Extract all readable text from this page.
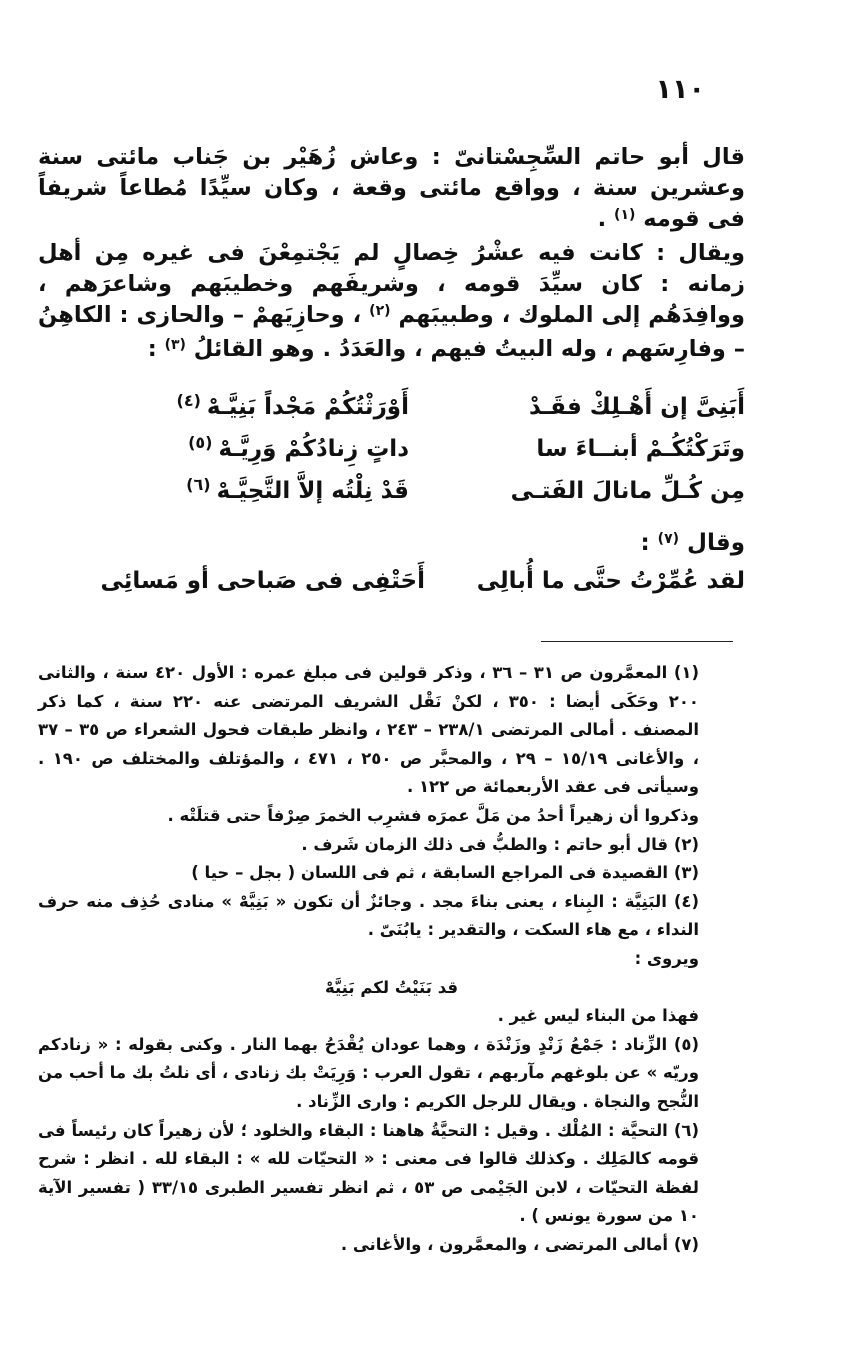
١١٠
قال أبو حاتم السِّجِسْتانىّ : وعاش زُهَيْر بن جَناب مائتى سنة وعشرين سنة ، وواقع مائتى وقعة ، وكان سيِّدًا مُطاعاً شريفاً فى قومه $^{(١)}$ .
ويقال : كانت فيه عشْرُ خِصالٍ لم يَجْتمِعْنَ فى غيره مِن أهل زمانه : كان سيِّدَ قومه ، وشريفَهم وخطيبَهم وشاعرَهم ، ووافِدَهُم إلى الملوك ، وطبيبَهم $^{(٢)}$ ، وحازِيَهمْ – والحازى : الكاهِنُ – وفارِسَهم ، وله البيتُ فيهم ، والعَدَدُ . وهو القائلُ $^{(٣)}$ :
أَبَنِىَّ إن أَهْـلِكْ فقَـدْ
أَوْرَثْتُكُمْ مَجْداً بَنِيَّـهْ$^{(٤)}$
وتَرَكْتُكُـمْ أبنــاءَ سا
داتٍ زِنادُكُمْ وَرِيَّـهْ$^{(٥)}$
مِن كُـلِّ مانالَ الفَتـى
قَدْ نِلْتُه إلاَّ التَّحِيَّـهْ$^{(٦)}$
وقال $^{(٧)}$ :
لقد عُمِّرْتُ حتَّى ما أُبالِى
أَحَتْفِى فى صَباحى أو مَسائِى

(١) المعمَّرون ص ٣١ – ٣٦ ، وذكر قولين فى مبلغ عمره : الأول ٤٢٠ سنة ، والثانى ٢٠٠ وحَكَى أيضا : ٣٥٠ ، لكنْ نَقْل الشريف المرتضى عنه ٢٢٠ سنة ، كما ذكر المصنف . أمالى المرتضى ٢٣٨/١ – ٢٤٣ ، وانظر طبقات فحول الشعراء ص ٣٥ – ٣٧ ، والأغانى ١٥/١٩ – ٢٩ ، والمحبَّر ص ٢٥٠ ، ٤٧١ ، والمؤتلف والمختلف ص ١٩٠ . وسيأتى فى عقد الأربعمائة ص ١٢٢ .

وذكروا أن زهيراً أحدُ من مَلَّ عمرَه فشرِب الخمرَ صِرْفاً حتى قتلَتْه .

(٢) قال أبو حاتم : والطبُّ فى ذلك الزمان شَرف .

(٣) القصيدة فى المراجع السابقة ، ثم فى اللسان ( بجل – حيا )

(٤) البَنِيَّة : البِناء ، يعنى بناءَ مجد . وجائزٌ أن تكون « بَنِيَّهْ » منادى حُذِف منه حرف النداء ، مع هاء السكت ، والتقدير : يابُنَىّ .

ويروى :

قد بَنَيْتُ لكم بَنِيَّهْ

فهذا من البناء ليس غير .

(٥) الزِّناد : جَمْعُ زَنْدٍ وزَنْدَة ، وهما عودان يُقْدَحُ بهما النار . وكنى بقوله : « زنادكم وريّه » عن بلوغهم مآربهم ، تقول العرب : وَرِيَتْ بك زنادى ، أى نلتُ بك ما أحب من النُّجح والنجاة . ويقال للرجل الكريم : وارى الزِّناد .

(٦) التحيَّة : المُلْك . وقيل : التحيَّةُ هاهنا : البقاء والخلود ؛ لأن زهيراً كان رئيساً فى قومه كالمَلِك . وكذلك قالوا فى معنى : « التحيّات لله » : البقاء لله . انظر : شرح لفظة التحيّات ، لابن الجَيْمى ص ٥٣ ، ثم انظر تفسير الطبرى ٣٣/١٥ ( تفسير الآية ١٠ من سورة يونس ) .

(٧) أمالى المرتضى ، والمعمَّرون ، والأغانى .
